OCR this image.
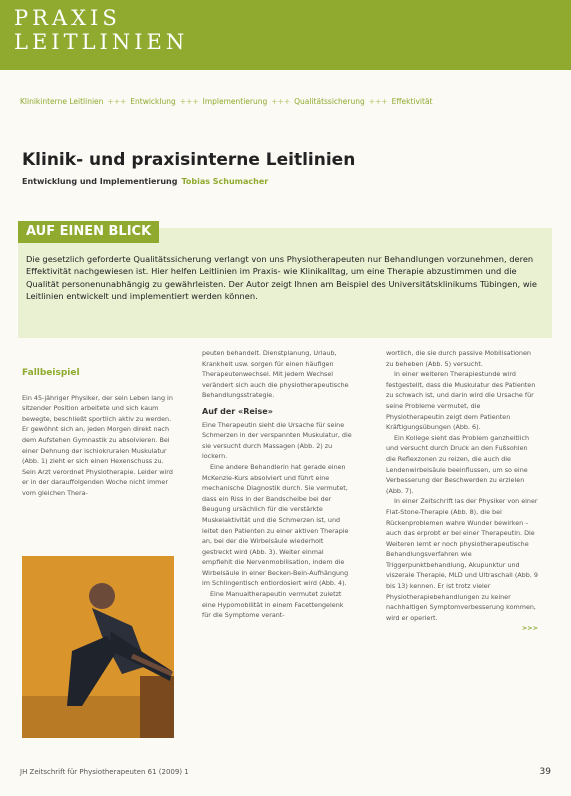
PRAXIS
LEITLINIEN
Klinikinterne Leitlinien +++ Entwicklung +++ Implementierung +++ Qualitätssicherung +++ Effektivität
Klinik- und praxisinterne Leitlinien
Entwicklung und Implementierung Tobias Schumacher
AUF EINEN BLICK

Die gesetzlich geforderte Qualitätssicherung verlangt von uns Physiotherapeuten nur Behandlungen vorzunehmen, deren Effektivität nachgewiesen ist. Hier helfen Leitlinien im Praxis- wie Klinikalltag, um eine Therapie abzustimmen und die Qualität personenunabhängig zu gewährleisten. Der Autor zeigt Ihnen am Beispiel des Universitätsklinikums Tübingen, wie Leitlinien entwickelt und implementiert werden können.

Fallbeispiel

Ein 45-jähriger Physiker, der sein Leben lang in sitzender Position arbeitete und sich kaum bewegte, beschließt sportlich aktiv zu werden. Er gewöhnt sich an, jeden Morgen direkt nach dem Aufstehen Gymnastik zu absolvieren. Bei einer Dehnung der ischiokruralen Muskulatur (Abb. 1) zieht er sich einen Hexenschuss zu. Sein Arzt verordnet Physiotherapie. Leider wird er in der darauffolgenden Woche nicht immer vom gleichen Thera-

peuten behandelt. Dienstplanung, Urlaub, Krankheit usw. sorgen für einen häufigen Therapeutenwechsel. Mit jedem Wechsel verändert sich auch die physiotherapeutische Behandlungsstrategie.

Auf der «Reise»

Eine Therapeutin sieht die Ursache für seine Schmerzen in der verspannten Muskulatur, die sie versucht durch Massagen (Abb. 2) zu lockern.

Eine andere Behandlerin hat gerade einen McKenzie-Kurs absolviert und führt eine mechanische Diagnostik durch. Sie vermutet, dass ein Riss in der Bandscheibe bei der Beugung ursächlich für die verstärkte Muskelaktivität und die Schmerzen ist, und leitet den Patienten zu einer aktiven Therapie an, bei der die Wirbelsäule wiederholt gestreckt wird (Abb. 3). Weiter einmal empfiehlt die Nervenmobilisation, indem die Wirbelsäule in einer Becken-Bein-Aufhängung im Schlingentisch entlordosiert wird (Abb. 4).

Eine Manualtherapeutin vermutet zuletzt eine Hypomobilität in einem Facettengelenk für die Symptome verant-

wortlich, die sie durch passive Mobilisationen zu beheben (Abb. 5) versucht.

In einer weiteren Therapiestunde wird festgestellt, dass die Muskulatur des Patienten zu schwach ist, und darin wird die Ursache für seine Probleme vermutet, die Physiotherapeutin zeigt dem Patienten Kräftigungsübungen (Abb. 6).

Ein Kollege sieht das Problem ganzheitlich und versucht durch Druck an den Fußsohlen die Reflexzonen zu reizen, die auch die Lendenwirbelsäule beeinflussen, um so eine Verbesserung der Beschwerden zu erzielen (Abb. 7).

In einer Zeitschrift las der Physiker von einer Flat-Stone-Therapie (Abb. 8), die bei Rückenproblemen wahre Wunder bewirken – auch das erprobt er bei einer Therapeutin. Die Weiteren lernt er noch physiotherapeutische Behandlungsverfahren wie Triggerpunktbehandlung, Akupunktur und viszerale Therapie, MLD und Ultraschall (Abb. 9 bis 13) kennen. Er ist trotz vieler Physiotherapiebehandlungen zu keiner nachhaltigen Symptomverbesserung kommen, wird er operiert.

>>>

JH Zeitschrift für Physiotherapeuten 61 (2009) 1	39
